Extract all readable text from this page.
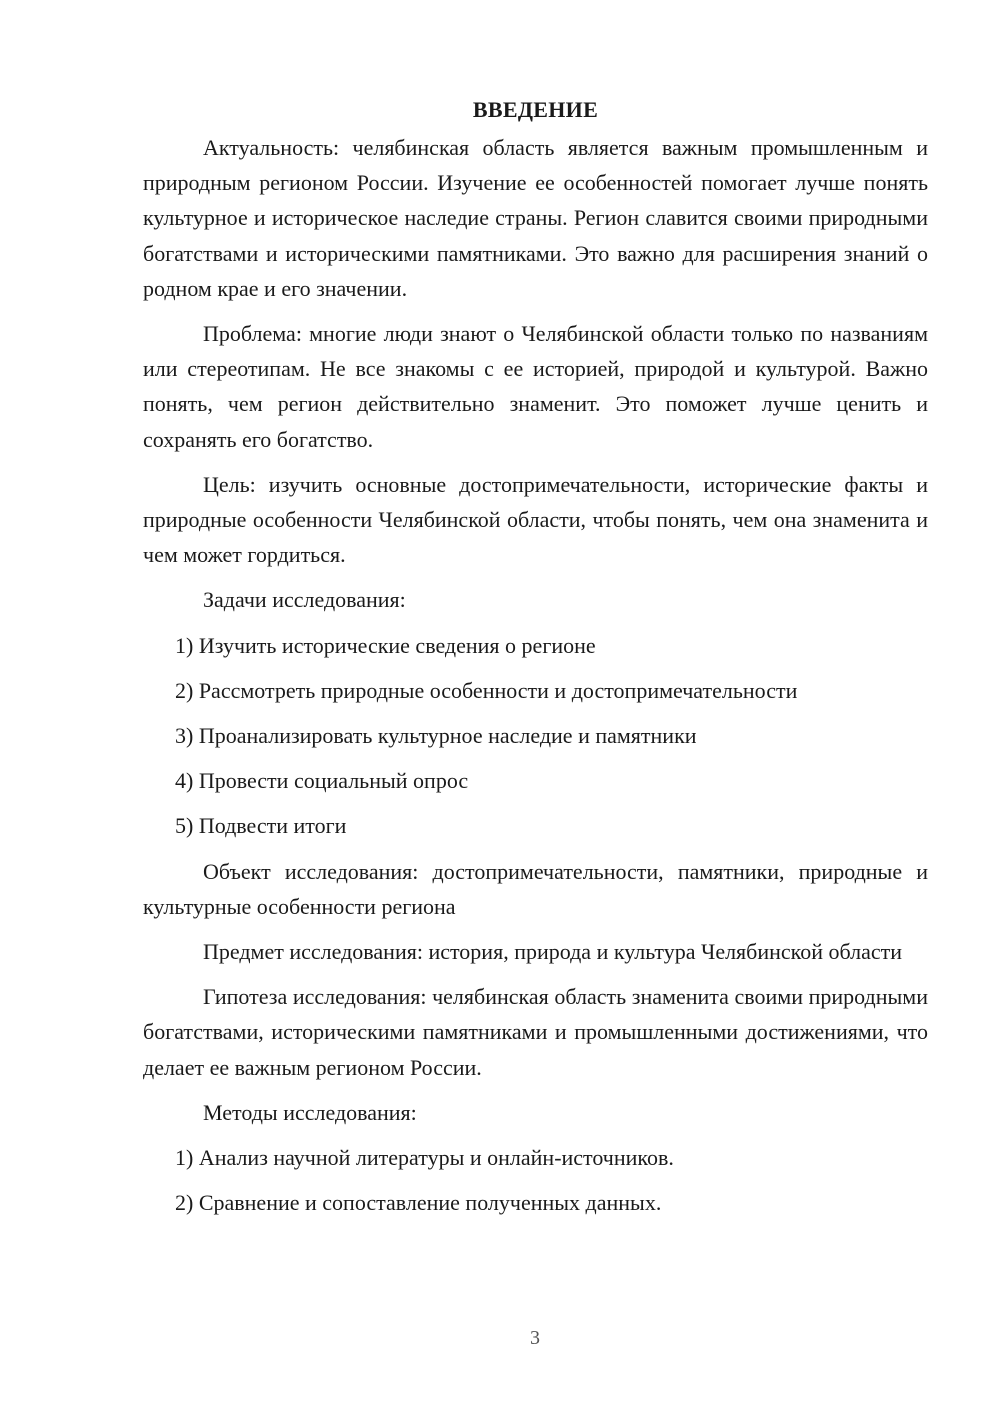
ВВЕДЕНИЕ

Актуальность: челябинская область является важным промышленным и природным регионом России. Изучение ее особенностей помогает лучше понять культурное и историческое наследие страны. Регион славится своими природными богатствами и историческими памятниками. Это важно для расширения знаний о родном крае и его значении.

Проблема: многие люди знают о Челябинской области только по названиям или стереотипам. Не все знакомы с ее историей, природой и культурой. Важно понять, чем регион действительно знаменит. Это поможет лучше ценить и сохранять его богатство.

Цель: изучить основные достопримечательности, исторические факты и природные особенности Челябинской области, чтобы понять, чем она знаменита и чем может гордиться.

Задачи исследования:

1) Изучить исторические сведения о регионе
2) Рассмотреть природные особенности и достопримечательности
3) Проанализировать культурное наследие и памятники
4) Провести социальный опрос
5) Подвести итоги

Объект исследования: достопримечательности, памятники, природные и культурные особенности региона

Предмет исследования: история, природа и культура Челябинской области

Гипотеза исследования: челябинская область знаменита своими природными богатствами, историческими памятниками и промышленными достижениями, что делает ее важным регионом России.

Методы исследования:

1) Анализ научной литературы и онлайн-источников.
2) Сравнение и сопоставление полученных данных.
3
